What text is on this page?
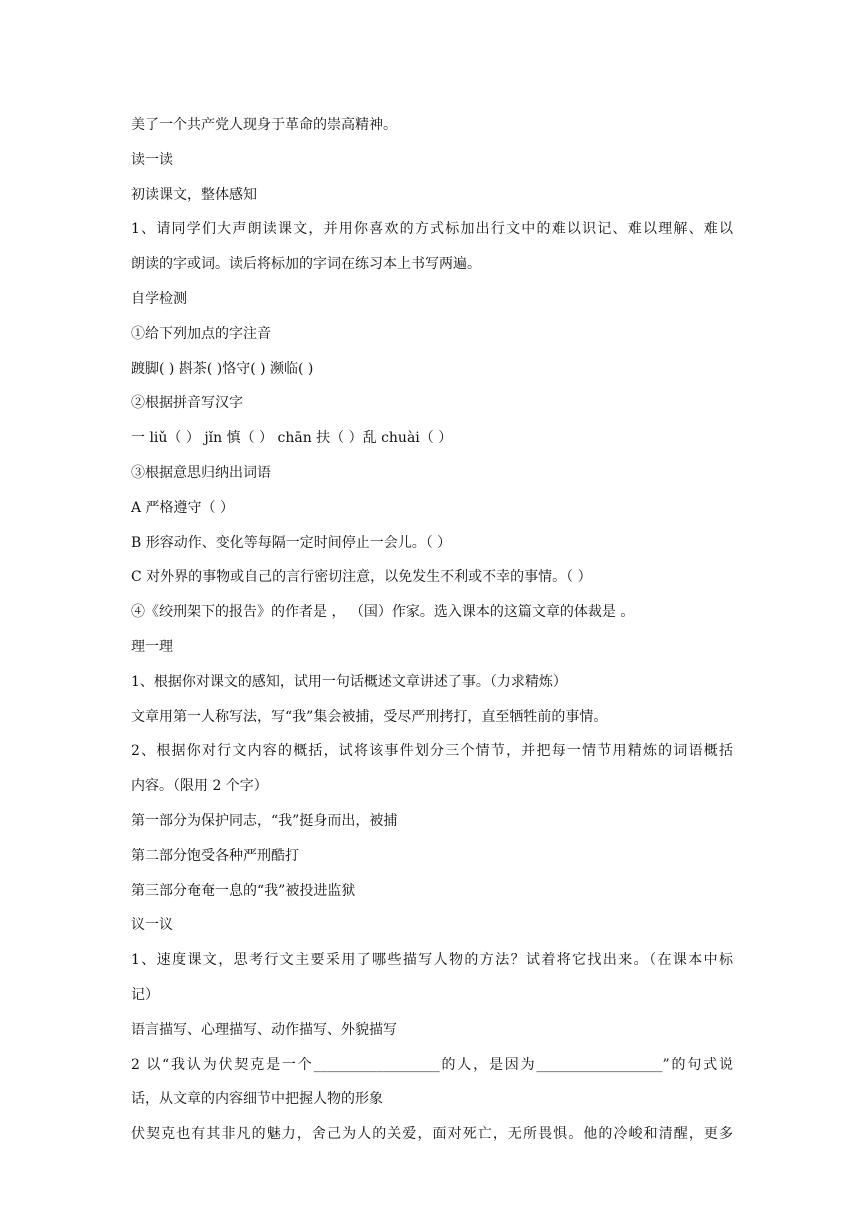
美了一个共产党人现身于革命的崇高精神。
读一读
初读课文，整体感知
1、请同学们大声朗读课文，并用你喜欢的方式标加出行文中的难以识记、难以理解、难以
朗读的字或词。读后将标加的字词在练习本上书写两遍。
自学检测
①给下列加点的字注音
踱脚( ) 斟茶( )恪守( ) 濒临( )
②根据拼音写汉字
一 liǔ（ ） jǐn 慎（ ） chān 扶（ ）乱 chuài（ ）
③根据意思归纳出词语
A 严格遵守（ ）
B 形容动作、变化等每隔一定时间停止一会儿。（ ）
C 对外界的事物或自己的言行密切注意，以免发生不利或不幸的事情。（ ）
④《绞刑架下的报告》的作者是 ， （国）作家。选入课本的这篇文章的体裁是 。
理一理
1、根据你对课文的感知，试用一句话概述文章讲述了事。（力求精炼）
文章用第一人称写法，写“我”集会被捕，受尽严刑拷打，直至牺牲前的事情。
2、根据你对行文内容的概括，试将该事件划分三个情节，并把每一情节用精炼的词语概括
内容。（限用 2 个字）
第一部分为保护同志，“我”挺身而出，被捕
第二部分饱受各种严刑酷打
第三部分奄奄一息的“我”被投进监狱
议一议
1、速度课文，思考行文主要采用了哪些描写人物的方法？试着将它找出来。（在课本中标
记）
语言描写、心理描写、动作描写、外貌描写
2 以“我认为伏契克是一个__________________的人，是因为__________________”的句式说
话，从文章的内容细节中把握人物的形象
伏契克也有其非凡的魅力，舍己为人的关爱，面对死亡，无所畏惧。他的冷峻和清醒，更多
